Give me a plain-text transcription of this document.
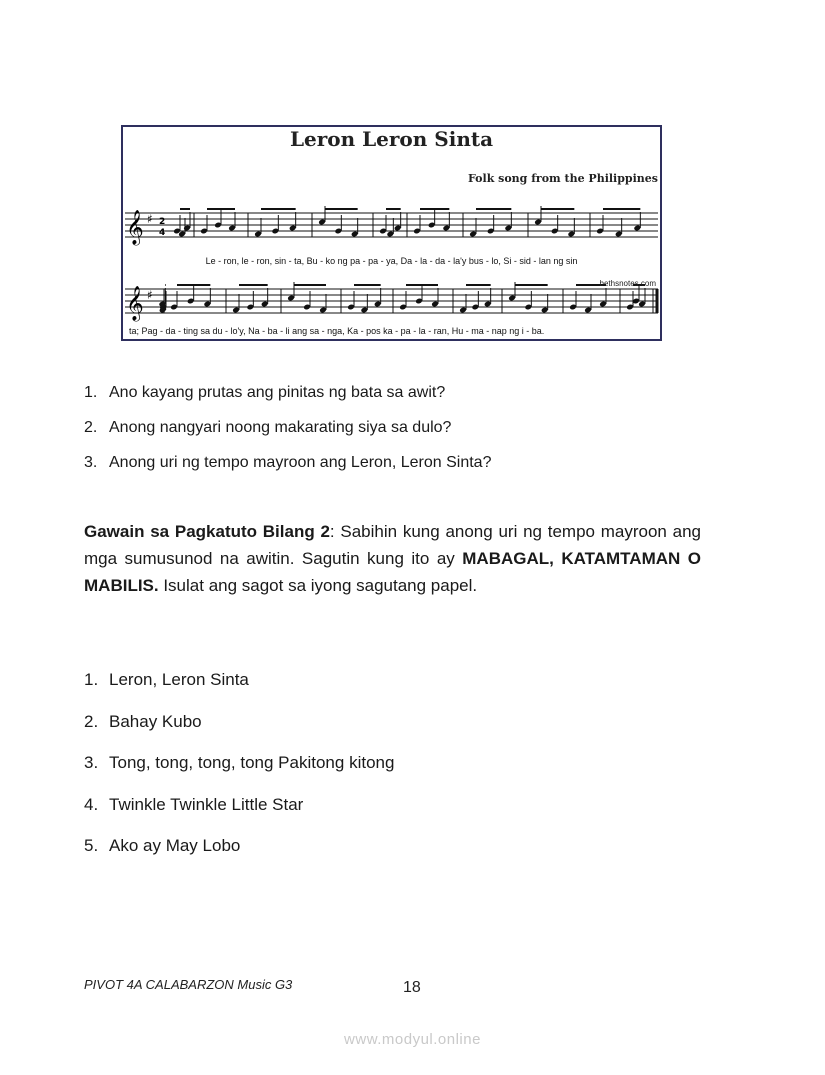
Leron Leron Sinta
Folk song from the Philippines
𝄞
𝄞
♯
♯
2
4
Le - ron, le - ron, sin - ta, Bu - ko ng pa - pa - ya, Da - la - da - la'y bus - lo, Si - sid - lan ng sin
bethsnotes.com
ta; Pag - da - ting sa du - lo'y, Na - ba - li ang sa - nga, Ka - pos ka - pa - la - ran, Hu - ma - nap ng i - ba.
1. Ano kayang prutas ang pinitas ng bata sa awit?
2. Anong nangyari noong makarating siya sa dulo?
3. Anong uri ng tempo mayroon ang Leron, Leron Sinta?
Gawain sa Pagkatuto Bilang 2: Sabihin kung anong uri ng tempo mayroon ang mga sumusunod na awitin. Sagutin kung ito ay MABAGAL, KATAMTAMAN O MABILIS. Isulat ang sagot sa iyong sagutang papel.
1. Leron, Leron Sinta
2. Bahay Kubo
3. Tong, tong, tong, tong Pakitong kitong
4. Twinkle Twinkle Little Star
5. Ako ay May Lobo
PIVOT 4A CALABARZON Music G3	18
www.modyul.online
